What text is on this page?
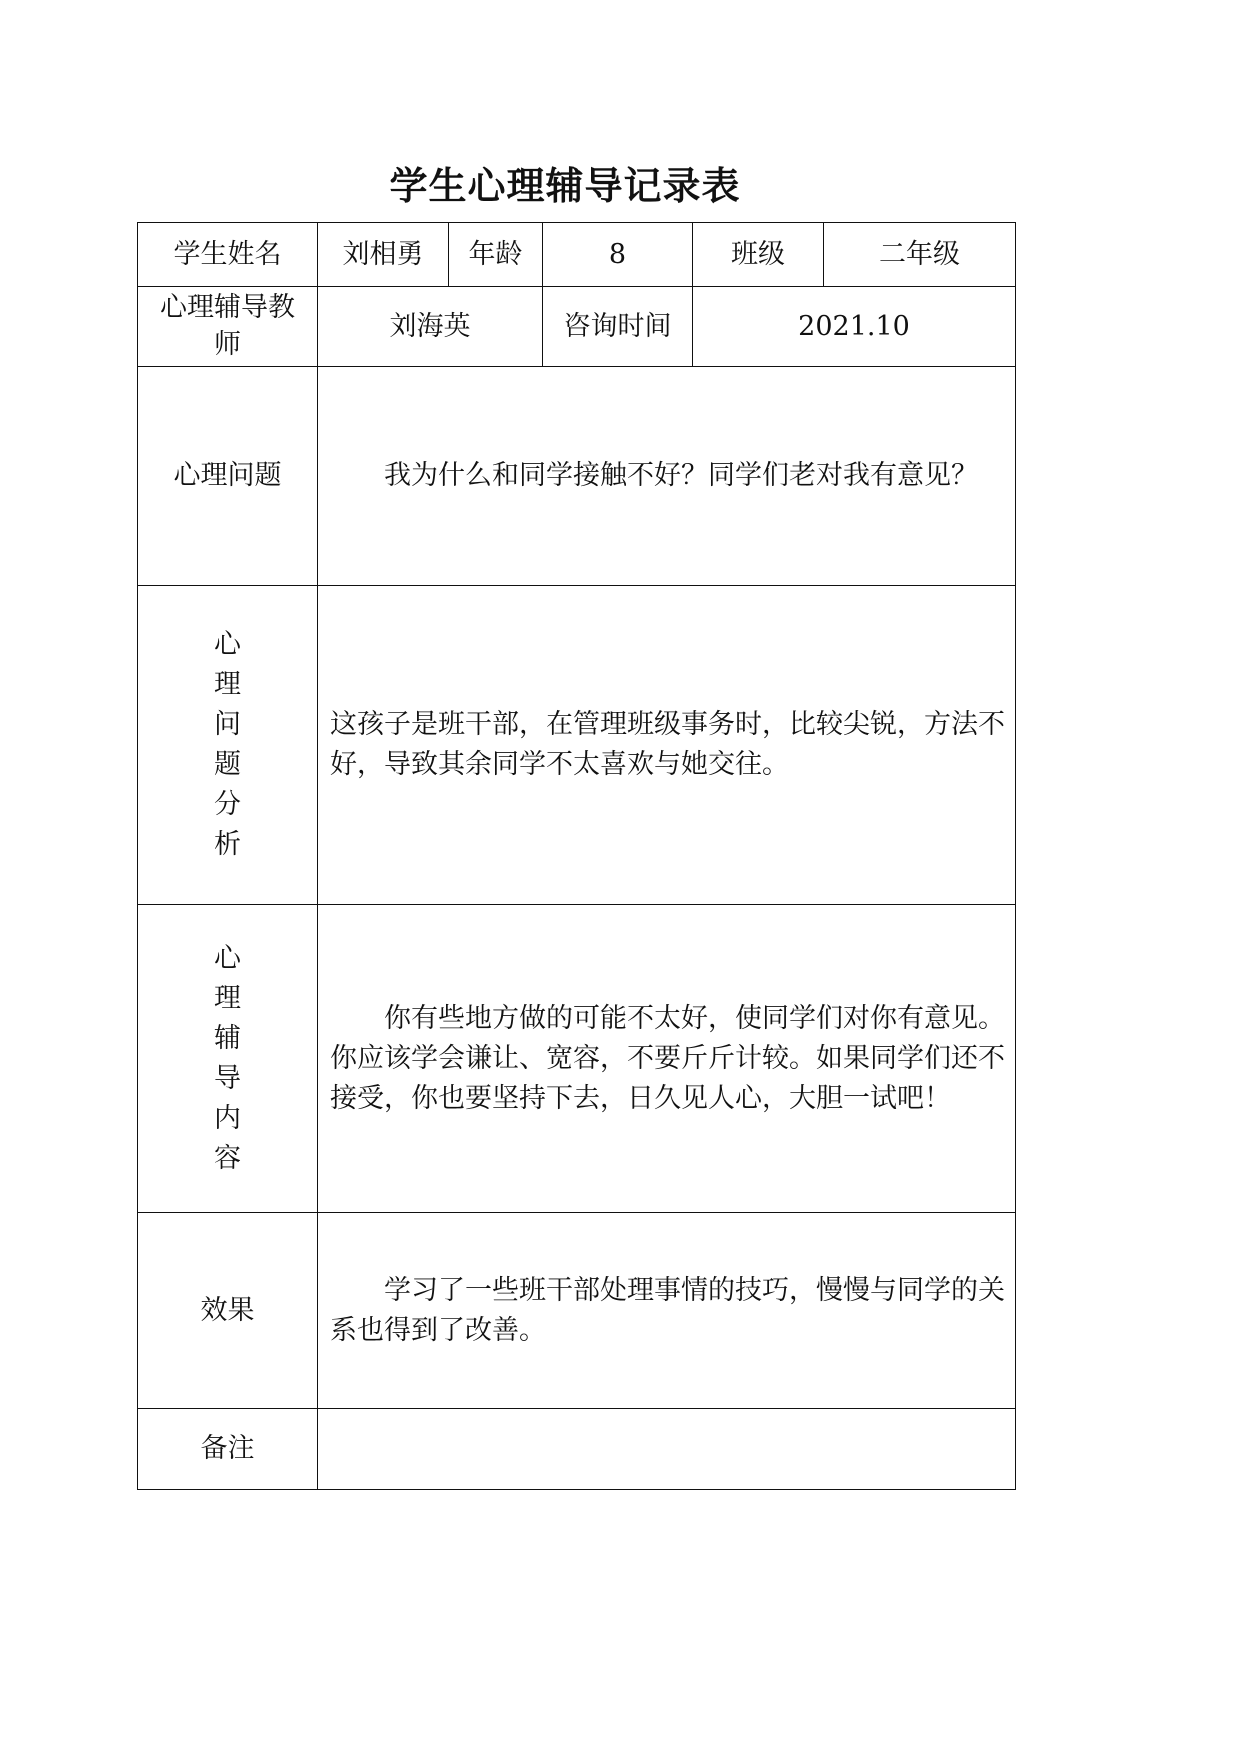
学生心理辅导记录表
学生姓名	刘相勇	年龄	8	班级	二年级
心理辅导教师	刘海英		咨询时间	2021.10	
心理问题	我为什么和同学接触不好？同学们老对我有意见？				

心理问题分析	这孩子是班干部，在管理班级事务时，比较尖锐，方法不好，导致其余同学不太喜欢与她交往。				

心理辅导内容	你有些地方做的可能不太好，使同学们对你有意见。你应该学会谦让、宽容，不要斤斤计较。如果同学们还不接受，你也要坚持下去，日久见人心，大胆一试吧！				

效果	学习了一些班干部处理事情的技巧，慢慢与同学的关系也得到了改善。				

备注					
